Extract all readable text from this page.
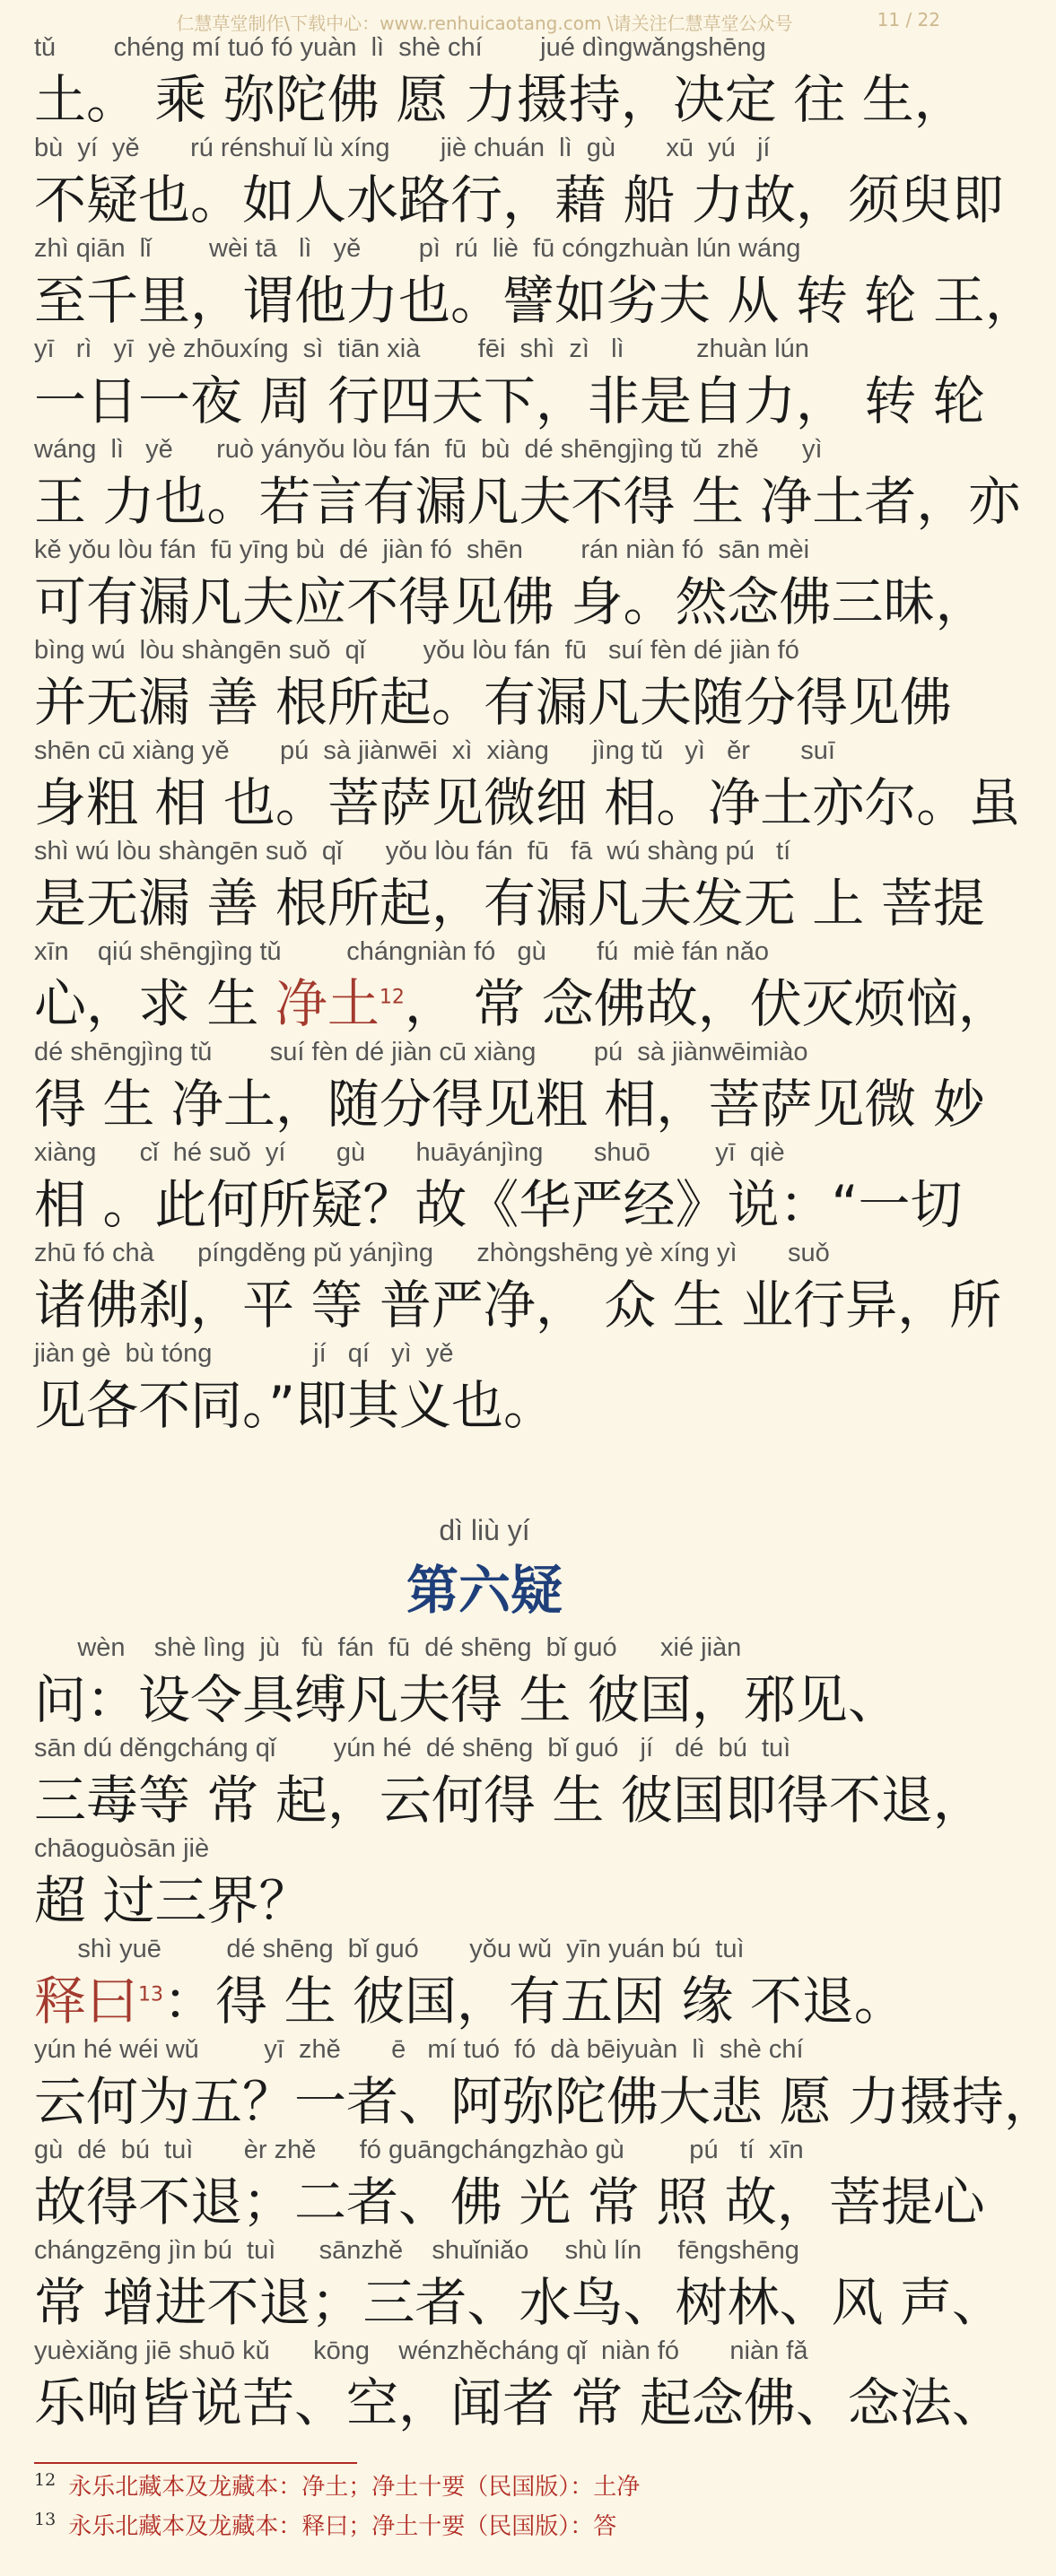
仁慧草堂制作\下载中心：www.renhuicaotang.com \请关注仁慧草堂公众号	11 / 22
dì liù yí
第六疑
$^{12}$ 永乐北藏本及龙藏本：净土；净土十要（民国版）：土净
$^{13}$ 永乐北藏本及龙藏本：释曰；净土十要（民国版）：答
tǔ        chéng mí tuó fó yuàn  lì  shè chí        jué dìngwǎngshēng
土。 乘 弥陀佛 愿 力摄持，决定 往 生，
bù  yí  yě       rú rénshuǐ lù xíng       jiè chuán  lì  gù       xū  yú   jí
不疑也。如人水路行，藉 船 力故，须臾即
zhì qiān  lǐ        wèi tā   lì   yě        pì  rú  liè  fū cóngzhuàn lún wáng
至千里，谓他力也。譬如劣夫 从 转 轮 王，
yī   rì   yī  yè zhōuxíng  sì  tiān xià        fēi  shì  zì   lì          zhuàn lún
一日一夜 周 行四天下，非是自力， 转 轮
wáng  lì   yě      ruò yányǒu lòu fán  fū  bù  dé shēngjìng tǔ  zhě      yì
王 力也。若言有漏凡夫不得 生 净土者，亦
kě yǒu lòu fán  fū yīng bù  dé  jiàn fó  shēn        rán niàn fó  sān mèi
可有漏凡夫应不得见佛 身。然念佛三昧，
bìng wú  lòu shàngēn suǒ  qǐ        yǒu lòu fán  fū   suí fèn dé jiàn fó
并无漏 善 根所起。有漏凡夫随分得见佛
shēn cū xiàng yě       pú  sà jiànwēi  xì  xiàng      jìng tǔ   yì   ěr       suī
身粗 相 也。菩萨见微细 相。净土亦尔。虽
shì wú lòu shàngēn suǒ  qǐ      yǒu lòu fán  fū   fā  wú shàng pú   tí
是无漏 善 根所起，有漏凡夫发无 上 菩提
xīn    qiú shēngjìng tǔ         chángniàn fó   gù       fú  miè fán nǎo
心，求 生 净土$^{12}$， 常 念佛故，伏灭烦恼，
dé shēngjìng tǔ        suí fèn dé jiàn cū xiàng        pú  sà jiànwēimiào
得 生 净土，随分得见粗 相，菩萨见微 妙
xiàng      cǐ  hé suǒ  yí       gù       huāyánjìng       shuō         yī  qiè
相 。此何所疑？故《华严经》说：“一切
zhū fó chà      píngděng pǔ yánjìng      zhòngshēng yè xíng yì       suǒ
诸佛刹，平 等 普严净， 众 生 业行异，所
jiàn gè  bù tóng              jí   qí   yì  yě
见各不同。”即其义也。
wèn    shè lìng  jù   fù  fán  fū  dé shēng  bǐ guó      xié jiàn
问：设令具缚凡夫得 生 彼国，邪见、
sān dú děngcháng qǐ        yún hé  dé shēng  bǐ guó   jí   dé  bú  tuì
三毒等 常 起，云何得 生 彼国即得不退，
chāoguòsān jiè
超 过三界？
shì yuē         dé shēng  bǐ guó       yǒu wǔ  yīn yuán bú  tuì
释曰$^{13}$：得 生 彼国，有五因 缘 不退。
yún hé wéi wǔ         yī  zhě       ē   mí tuó  fó  dà bēiyuàn  lì  shè chí
云何为五？一者、阿弥陀佛大悲 愿 力摄持，
gù  dé  bú  tuì       èr zhě      fó guāngchángzhào gù         pú   tí  xīn
故得不退；二者、佛 光 常 照 故，菩提心
chángzēng jìn bú  tuì      sānzhě    shuǐniǎo     shù lín     fēngshēng
常 增进不退；三者、水鸟、树林、风 声、
yuèxiǎng jiē shuō kǔ      kōng    wénzhěcháng qǐ  niàn fó       niàn fǎ
乐响皆说苦、空，闻者 常 起念佛、念法、
